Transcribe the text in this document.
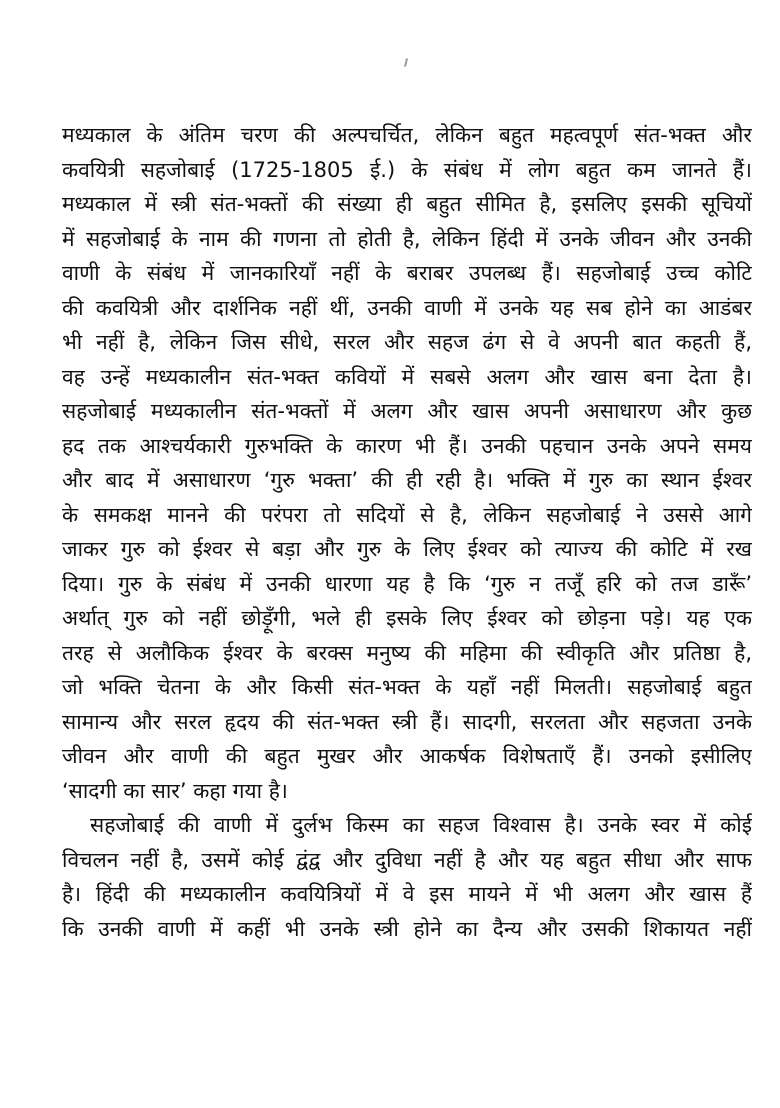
मध्यकाल के अंतिम चरण की अल्पचर्चित, लेकिन बहुत महत्वपूर्ण संत-भक्त और
कवयित्री सहजोबाई (1725-1805 ई.) के संबंध में लोग बहुत कम जानते हैं।
मध्यकाल में स्त्री संत-भक्तों की संख्या ही बहुत सीमित है, इसलिए इसकी सूचियों
में सहजोबाई के नाम की गणना तो होती है, लेकिन हिंदी में उनके जीवन और उनकी
वाणी के संबंध में जानकारियाँ नहीं के बराबर उपलब्ध हैं। सहजोबाई उच्च कोटि
की कवयित्री और दार्शनिक नहीं थीं, उनकी वाणी में उनके यह सब होने का आडंबर
भी नहीं है, लेकिन जिस सीधे, सरल और सहज ढंग से वे अपनी बात कहती हैं,
वह उन्हें मध्यकालीन संत-भक्त कवियों में सबसे अलग और खास बना देता है।
सहजोबाई मध्यकालीन संत-भक्तों में अलग और खास अपनी असाधारण और कुछ
हद तक आश्चर्यकारी गुरुभक्ति के कारण भी हैं। उनकी पहचान उनके अपने समय
और बाद में असाधारण ‘गुरु भक्ता’ की ही रही है। भक्ति में गुरु का स्थान ईश्वर
के समकक्ष मानने की परंपरा तो सदियों से है, लेकिन सहजोबाई ने उससे आगे
जाकर गुरु को ईश्वर से बड़ा और गुरु के लिए ईश्वर को त्याज्य की कोटि में रख
दिया। गुरु के संबंध में उनकी धारणा यह है कि ‘गुरु न तजूँ हरि को तज डारूँ’
अर्थात् गुरु को नहीं छोड़ूँगी, भले ही इसके लिए ईश्वर को छोड़ना पड़े। यह एक
तरह से अलौकिक ईश्वर के बरक्स मनुष्य की महिमा की स्वीकृति और प्रतिष्ठा है,
जो भक्ति चेतना के और किसी संत-भक्त के यहाँ नहीं मिलती। सहजोबाई बहुत
सामान्य और सरल हृदय की संत-भक्त स्त्री हैं। सादगी, सरलता और सहजता उनके
जीवन और वाणी की बहुत मुखर और आकर्षक विशेषताएँ हैं। उनको इसीलिए
‘सादगी का सार’ कहा गया है।
सहजोबाई की वाणी में दुर्लभ किस्म का सहज विश्वास है। उनके स्वर में कोई
विचलन नहीं है, उसमें कोई द्वंद्व और दुविधा नहीं है और यह बहुत सीधा और साफ
है। हिंदी की मध्यकालीन कवयित्रियों में वे इस मायने में भी अलग और खास हैं
कि उनकी वाणी में कहीं भी उनके स्त्री होने का दैन्य और उसकी शिकायत नहीं
